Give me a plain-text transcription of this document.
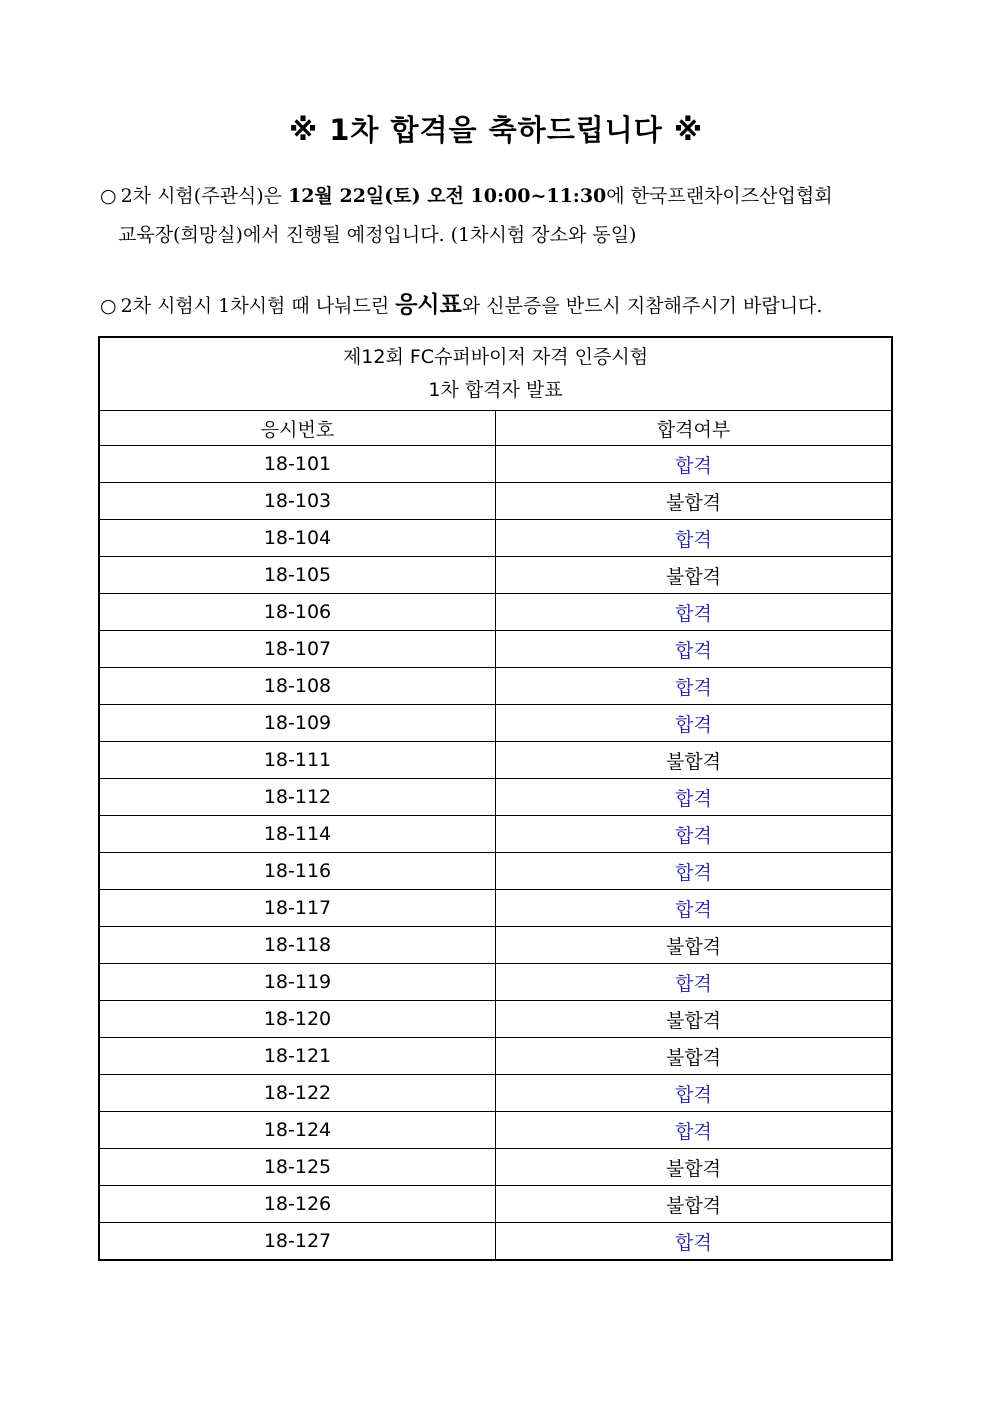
※ 1차 합격을 축하드립니다 ※
○ 2차 시험(주관식)은 12월 22일(토) 오전 10:00~11:30에 한국프랜차이즈산업협회
교육장(희망실)에서 진행될 예정입니다. (1차시험 장소와 동일)
○ 2차 시험시 1차시험 때 나눠드린 응시표와 신분증을 반드시 지참해주시기 바랍니다.
제12회 FC슈퍼바이저 자격 인증시험
1차 합격자 발표	

응시번호	합격여부
18-101	합격
18-103	불합격
18-104	합격
18-105	불합격
18-106	합격
18-107	합격
18-108	합격
18-109	합격
18-111	불합격
18-112	합격
18-114	합격
18-116	합격
18-117	합격
18-118	불합격
18-119	합격
18-120	불합격
18-121	불합격
18-122	합격
18-124	합격
18-125	불합격
18-126	불합격
18-127	합격
